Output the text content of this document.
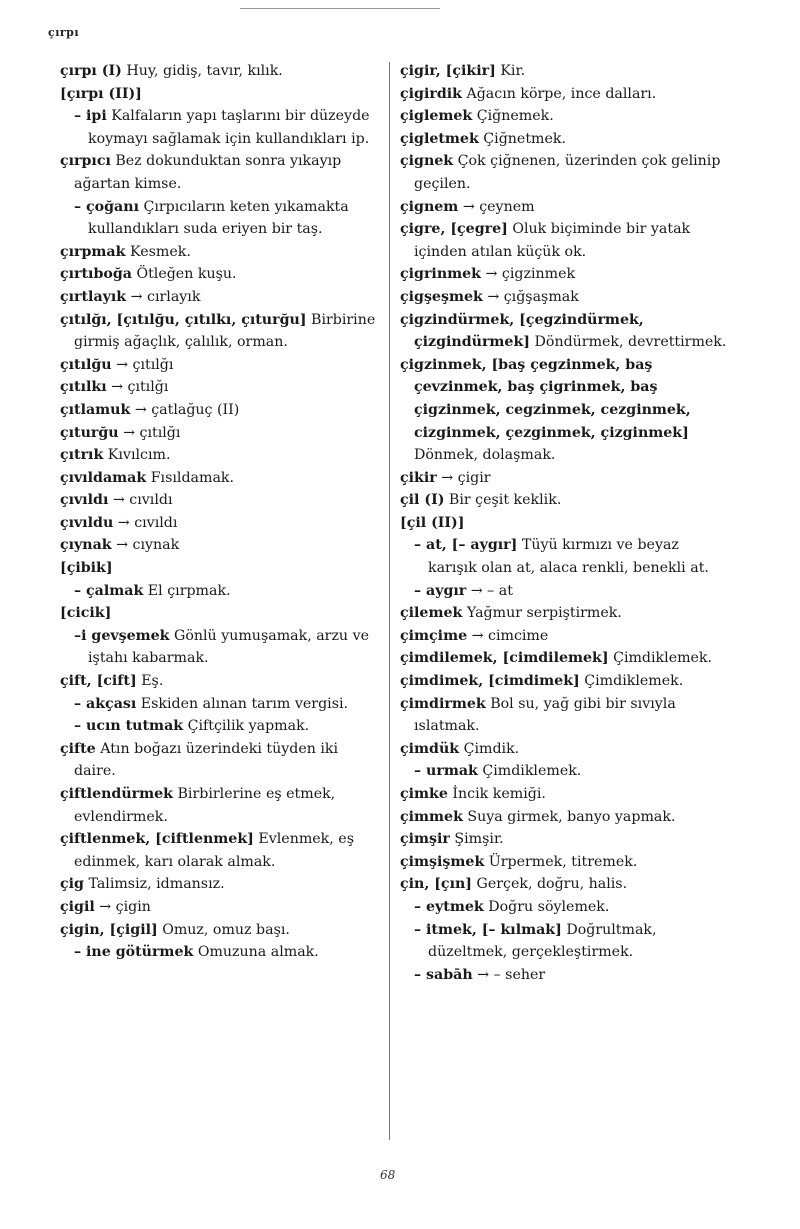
çırpı

çırpı (I) Huy, gidiş, tavır, kılık.

[çırpı (II)]

– ipi Kalfaların yapı taşlarını bir düzeyde koymayı sağlamak için kullandıkları ip.

çırpıcı Bez dokunduktan sonra yıkayıp ağartan kimse.

– çoğanı Çırpıcıların keten yıkamakta kullandıkları suda eriyen bir taş.

çırpmak Kesmek.

çırtıboğa Ötleğen kuşu.

çırtlayık → cırlayık

çıtılğı, [çıtılğu, çıtılkı, çıturğu] Birbirine girmiş ağaçlık, çalılık, orman.

çıtılğu → çıtılğı

çıtılkı → çıtılğı

çıtlamuk → çatlağuç (II)

çıturğu → çıtılğı

çıtrık Kıvılcım.

çıvıldamak Fısıldamak.

çıvıldı → cıvıldı

çıvıldu → cıvıldı

çıynak → cıynak

[çibik]

– çalmak El çırpmak.

[cicik]

–i gevşemek Gönlü yumuşamak, arzu ve iştahı kabarmak.

çift, [cift] Eş.

– akçası Eskiden alınan tarım vergisi.

– ucın tutmak Çiftçilik yapmak.

çifte Atın boğazı üzerindeki tüyden iki daire.

çiftlendürmek Birbirlerine eş etmek, evlendirmek.

çiftlenmek, [ciftlenmek] Evlenmek, eş edinmek, karı olarak almak.

çig Talimsiz, idmansız.

çigil → çigin

çigin, [çigil] Omuz, omuz başı.

– ine götürmek Omuzuna almak.

çigir, [çikir] Kir.

çigirdik Ağacın körpe, ince dalları.

çiglemek Çiğnemek.

çigletmek Çiğnetmek.

çignek Çok çiğnenen, üzerinden çok gelinip geçilen.

çignem → çeynem

çigre, [çegre] Oluk biçiminde bir yatak içinden atılan küçük ok.

çigrinmek → çigzinmek

çigşeşmek → çığşaşmak

çigzindürmek, [çegzindürmek, çizgindürmek] Döndürmek, devrettirmek.

çigzinmek, [baş çegzinmek, baş çevzinmek, baş çigrinmek, baş çigzinmek, cegzinmek, cezginmek, cizginmek, çezginmek, çizginmek] Dönmek, dolaşmak.

çikir → çigir

çil (I) Bir çeşit keklik.

[çil (II)]

– at, [– aygır] Tüyü kırmızı ve beyaz karışık olan at, alaca renkli, benekli at.

– aygır → – at

çilemek Yağmur serpiştirmek.

çimçime → cimcime

çimdilemek, [cimdilemek] Çimdiklemek.

çimdimek, [cimdimek] Çimdiklemek.

çimdirmek Bol su, yağ gibi bir sıvıyla ıslatmak.

çimdük Çimdik.

– urmak Çimdiklemek.

çimke İncik kemiği.

çimmek Suya girmek, banyo yapmak.

çimşir Şimşir.

çimşişmek Ürpermek, titremek.

çin, [çın] Gerçek, doğru, halis.

– eytmek Doğru söylemek.

– itmek, [– kılmak] Doğrultmak, düzeltmek, gerçekleştirmek.

– sabāh → – seher

68
